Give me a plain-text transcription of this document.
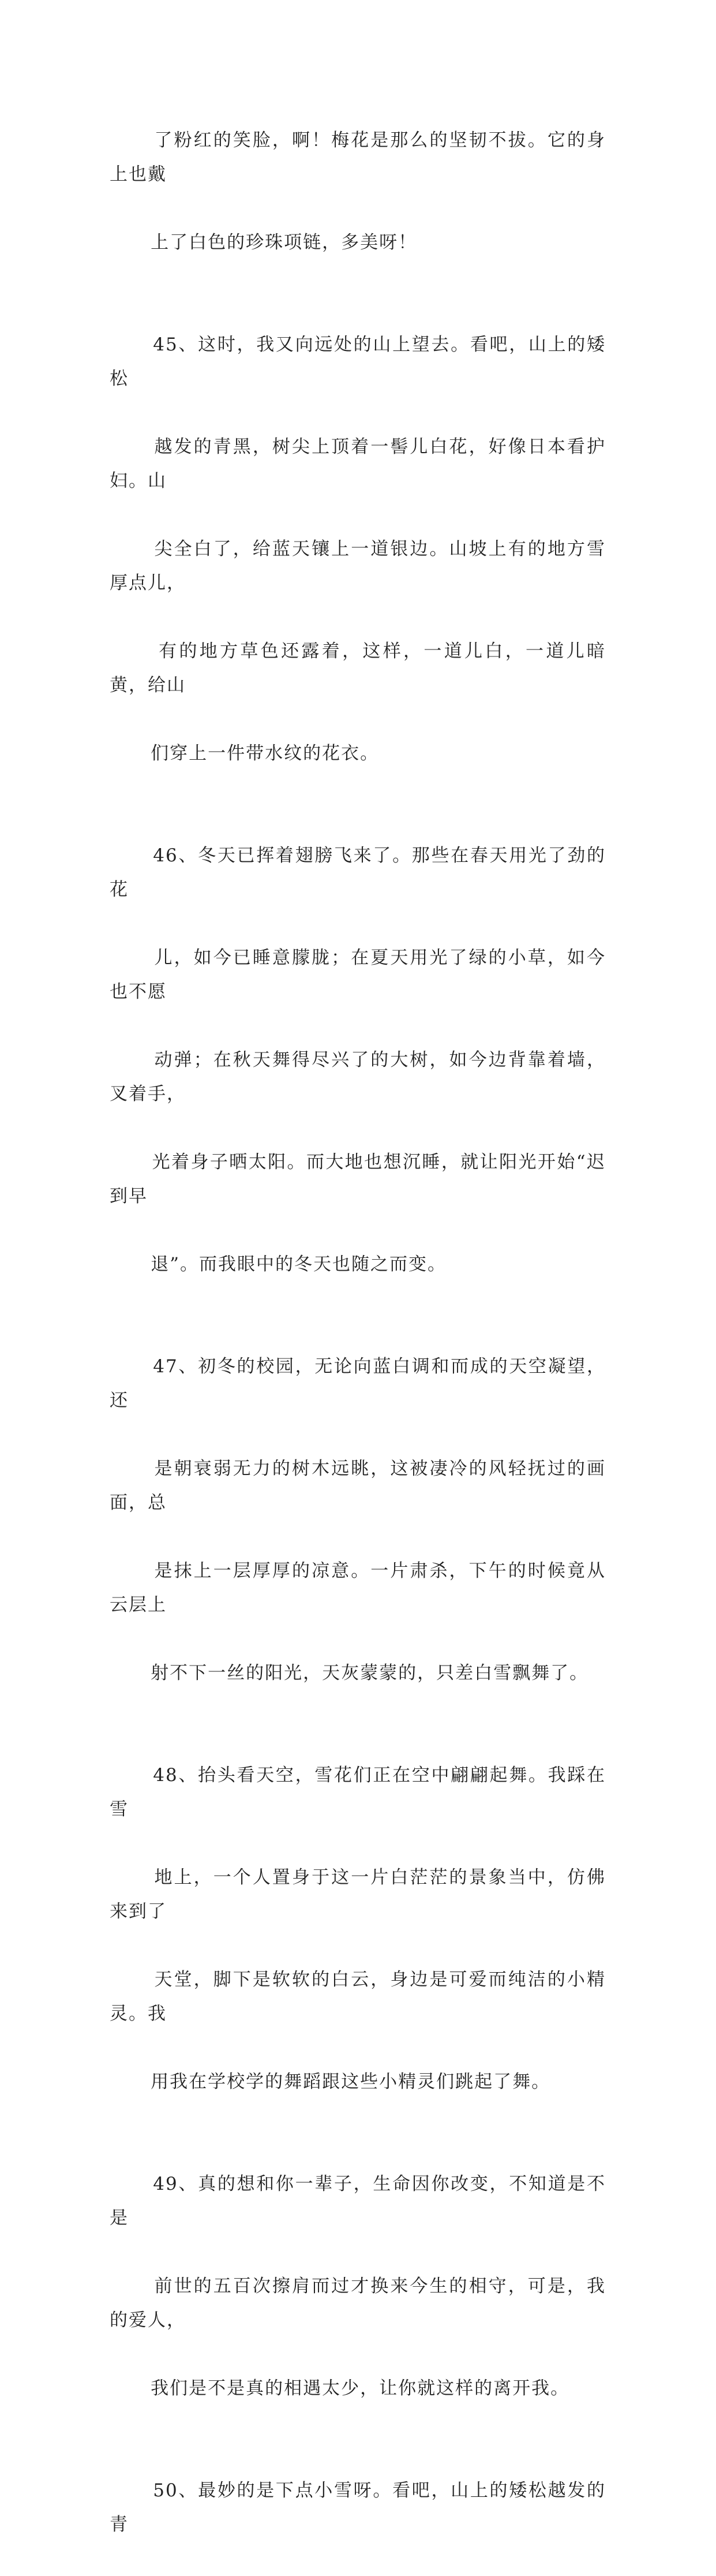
了粉红的笑脸，啊！梅花是那么的坚韧不拔。它的身上也戴

上了白色的珍珠项链，多美呀！

45、这时，我又向远处的山上望去。看吧，山上的矮松

越发的青黑，树尖上顶着一髻儿白花，好像日本看护妇。山

尖全白了，给蓝天镶上一道银边。山坡上有的地方雪厚点儿，

有的地方草色还露着，这样，一道儿白，一道儿暗黄，给山

们穿上一件带水纹的花衣。

46、冬天已挥着翅膀飞来了。那些在春天用光了劲的花

儿，如今已睡意朦胧；在夏天用光了绿的小草，如今也不愿

动弹；在秋天舞得尽兴了的大树，如今边背靠着墙，叉着手，

光着身子晒太阳。而大地也想沉睡，就让阳光开始“迟到早

退”。而我眼中的冬天也随之而变。

47、初冬的校园，无论向蓝白调和而成的天空凝望，还

是朝衰弱无力的树木远眺，这被凄冷的风轻抚过的画面，总

是抹上一层厚厚的凉意。一片肃杀，下午的时候竟从云层上

射不下一丝的阳光，天灰蒙蒙的，只差白雪飘舞了。

48、抬头看天空，雪花们正在空中翩翩起舞。我踩在雪

地上，一个人置身于这一片白茫茫的景象当中，仿佛来到了

天堂，脚下是软软的白云，身边是可爱而纯洁的小精灵。我

用我在学校学的舞蹈跟这些小精灵们跳起了舞。

49、真的想和你一辈子，生命因你改变，不知道是不是

前世的五百次擦肩而过才换来今生的相守，可是，我的爱人，

我们是不是真的相遇太少，让你就这样的离开我。

50、最妙的是下点小雪呀。看吧，山上的矮松越发的青
